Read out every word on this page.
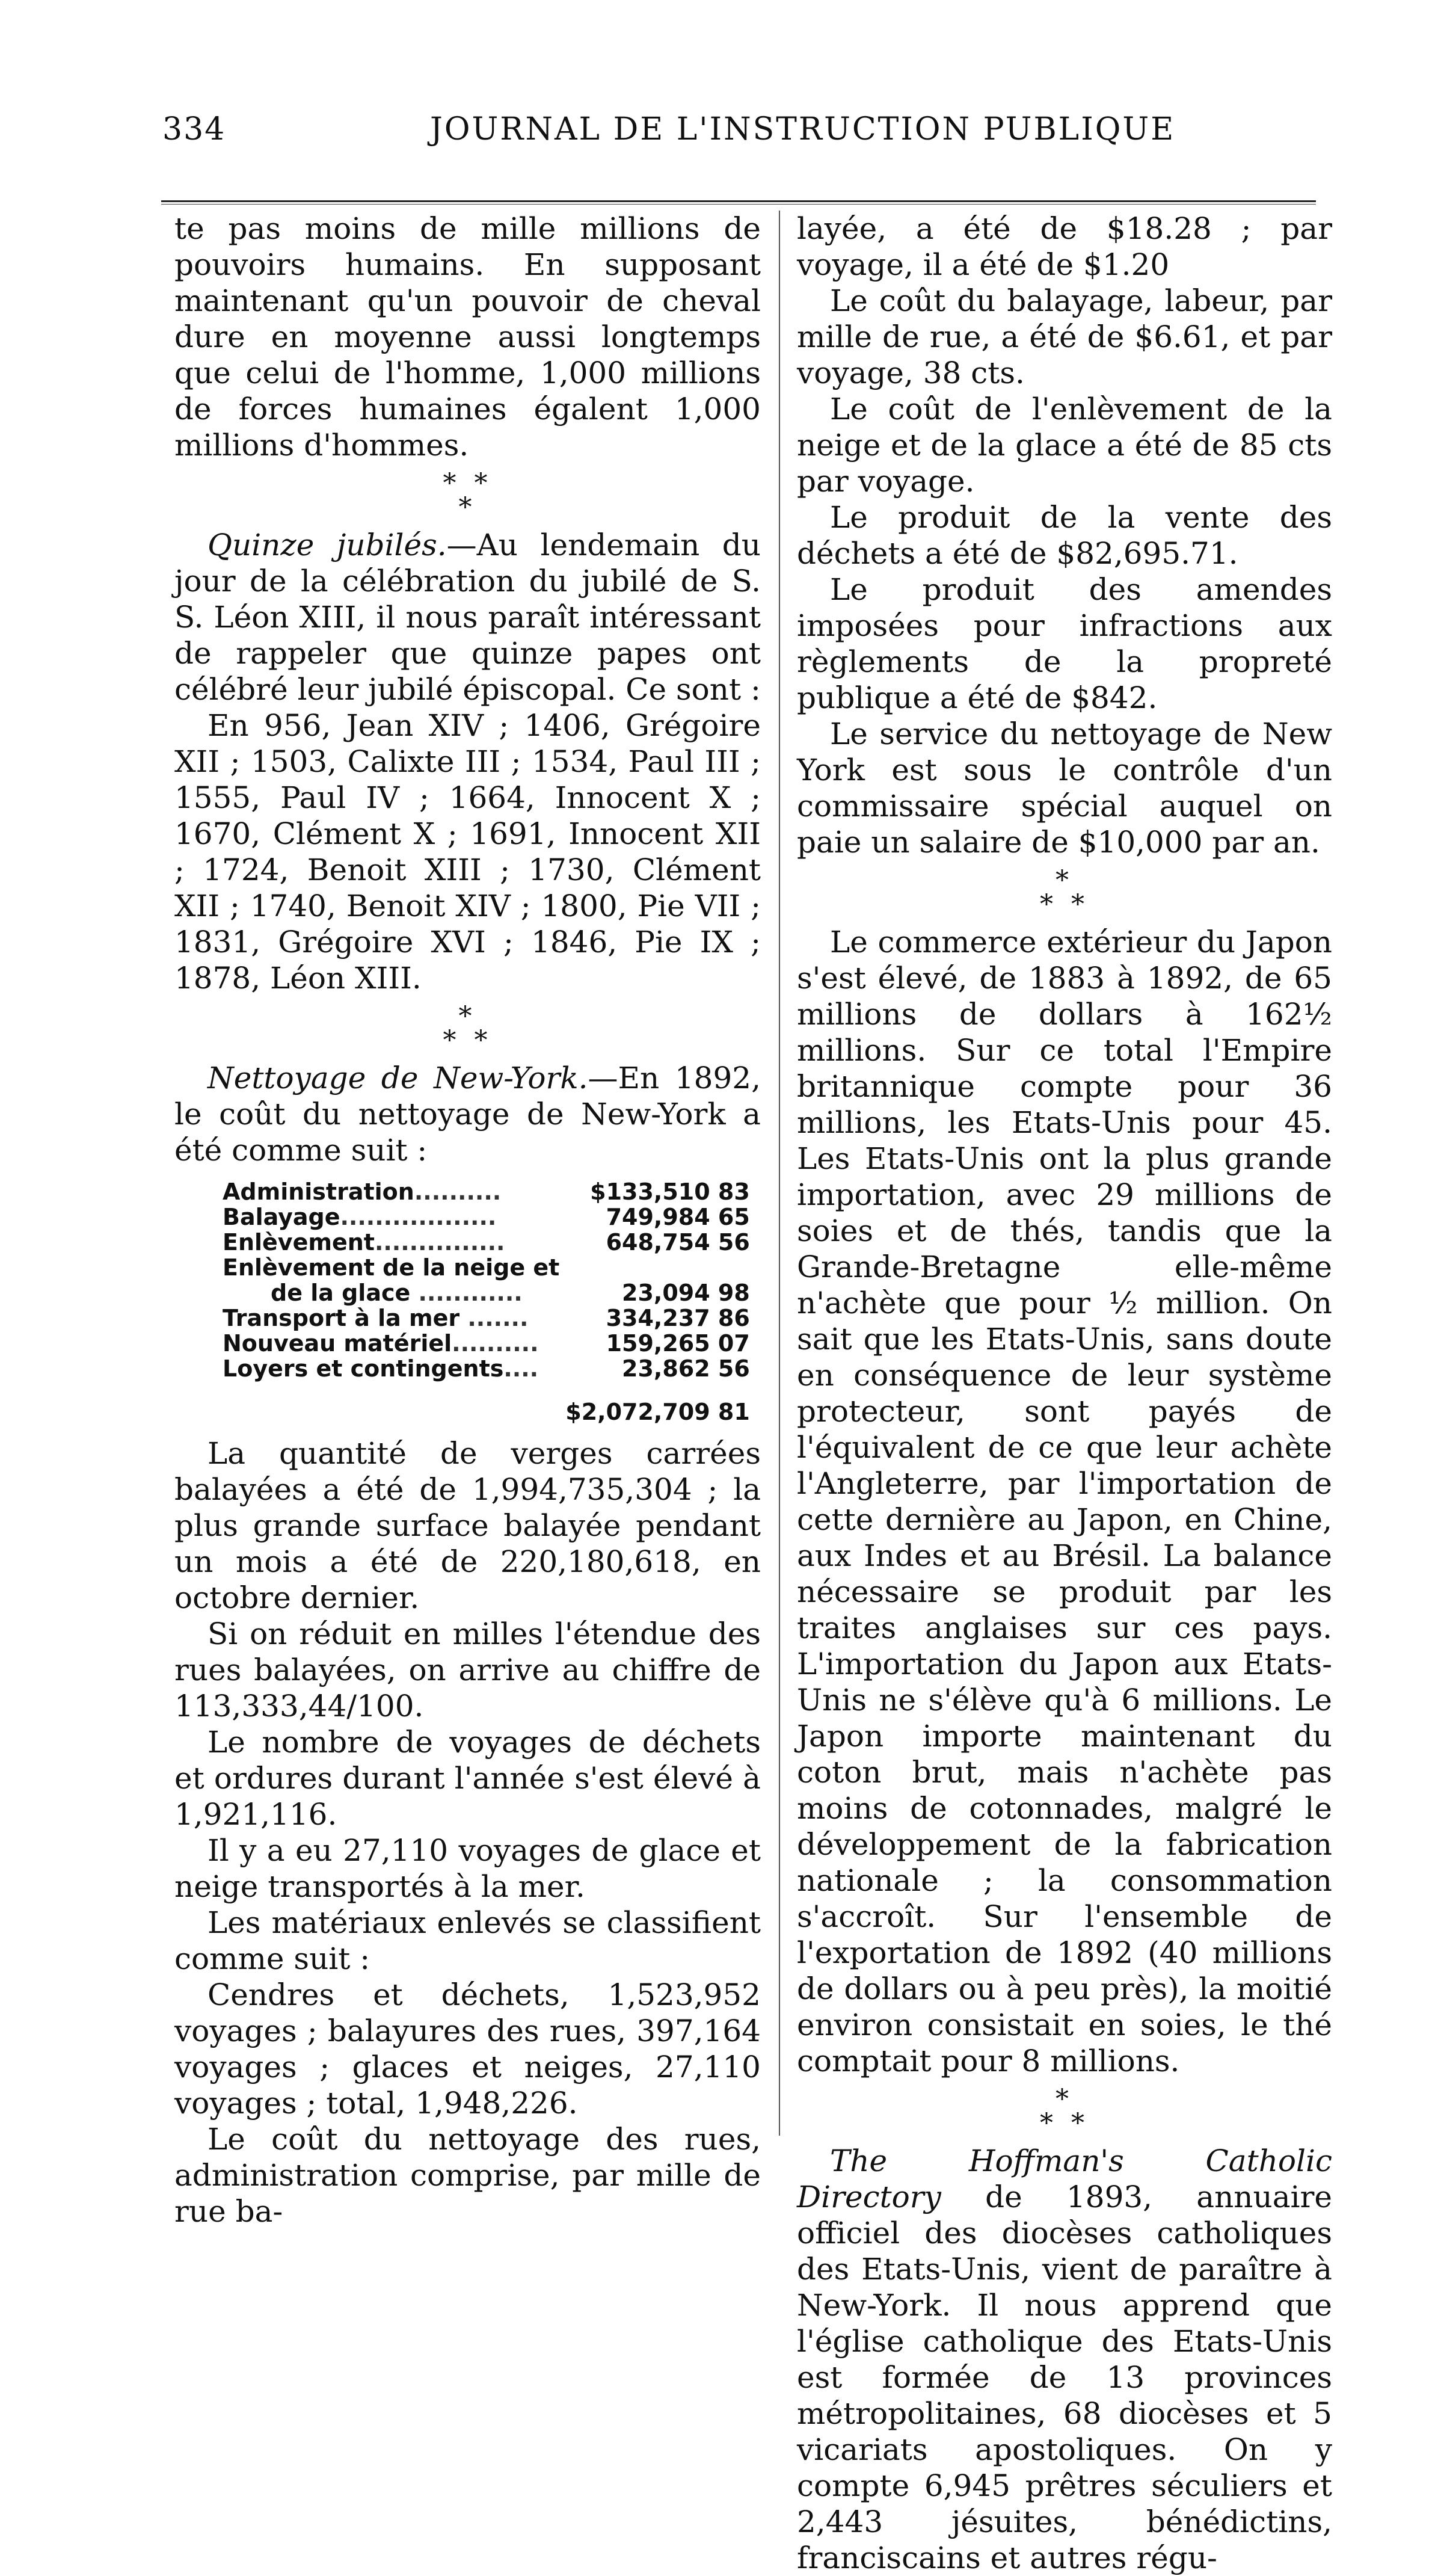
334	JOURNAL DE L'INSTRUCTION PUBLIQUE

te pas moins de mille millions de pouvoirs humains. En supposant maintenant qu'un pouvoir de cheval dure en moyenne aussi longtemps que celui de l'homme, 1,000 millions de forces humaines égalent 1,000 millions d'hommes.

* *
*

Quinze jubilés.—Au lendemain du jour de la célébration du jubilé de S. S. Léon XIII, il nous paraît intéressant de rappeler que quinze papes ont célébré leur jubilé épiscopal. Ce sont :

En 956, Jean XIV ; 1406, Grégoire XII ; 1503, Calixte III ; 1534, Paul III ; 1555, Paul IV ; 1664, Innocent X ; 1670, Clément X ; 1691, Innocent XII ; 1724, Benoit XIII ; 1730, Clément XII ; 1740, Benoit XIV ; 1800, Pie VII ; 1831, Grégoire XVI ; 1846, Pie IX ; 1878, Léon XIII.

*
* *

Nettoyage de New-York.—En 1892, le coût du nettoyage de New-York a été comme suit :

Administration..........	$133,510 83
Balayage..................	749,984 65
Enlèvement...............	648,754 56
Enlèvement de la neige et	
de la glace ............	23,094 98
Transport à la mer .......	334,237 86
Nouveau matériel..........	159,265 07
Loyers et contingents....	23,862 56
	$2,072,709 81

La quantité de verges carrées balayées a été de 1,994,735,304 ; la plus grande surface balayée pendant un mois a été de 220,180,618, en octobre dernier.

Si on réduit en milles l'étendue des rues balayées, on arrive au chiffre de 113,333,44/100.

Le nombre de voyages de déchets et ordures durant l'année s'est élevé à 1,921,116.

Il y a eu 27,110 voyages de glace et neige transportés à la mer.

Les matériaux enlevés se classifient comme suit :

Cendres et déchets, 1,523,952 voyages ; balayures des rues, 397,164 voyages ; glaces et neiges, 27,110 voyages ; total, 1,948,226.

Le coût du nettoyage des rues, administration comprise, par mille de rue ba-

layée, a été de $18.28 ; par voyage, il a été de $1.20

Le coût du balayage, labeur, par mille de rue, a été de $6.61, et par voyage, 38 cts.

Le coût de l'enlèvement de la neige et de la glace a été de 85 cts par voyage.

Le produit de la vente des déchets a été de $82,695.71.

Le produit des amendes imposées pour infractions aux règlements de la propreté publique a été de $842.

Le service du nettoyage de New York est sous le contrôle d'un commissaire spécial auquel on paie un salaire de $10,000 par an.

*
* *

Le commerce extérieur du Japon s'est élevé, de 1883 à 1892, de 65 millions de dollars à 162½ millions. Sur ce total l'Empire britannique compte pour 36 millions, les Etats-Unis pour 45. Les Etats-Unis ont la plus grande importation, avec 29 millions de soies et de thés, tandis que la Grande-Bretagne elle-même n'achète que pour ½ million. On sait que les Etats-Unis, sans doute en conséquence de leur système protecteur, sont payés de l'équivalent de ce que leur achète l'Angleterre, par l'importation de cette dernière au Japon, en Chine, aux Indes et au Brésil. La balance nécessaire se produit par les traites anglaises sur ces pays. L'importation du Japon aux Etats-Unis ne s'élève qu'à 6 millions. Le Japon importe maintenant du coton brut, mais n'achète pas moins de cotonnades, malgré le développement de la fabrication nationale ; la consommation s'accroît. Sur l'ensemble de l'exportation de 1892 (40 millions de dollars ou à peu près), la moitié environ consistait en soies, le thé comptait pour 8 millions.

*
* *

The Hoffman's Catholic Directory de 1893, annuaire officiel des diocèses catholiques des Etats-Unis, vient de paraître à New-York. Il nous apprend que l'église catholique des Etats-Unis est formée de 13 provinces métropolitaines, 68 diocèses et 5 vicariats apostoliques. On y compte 6,945 prêtres séculiers et 2,443 jésuites, bénédictins, franciscains et autres régu-
